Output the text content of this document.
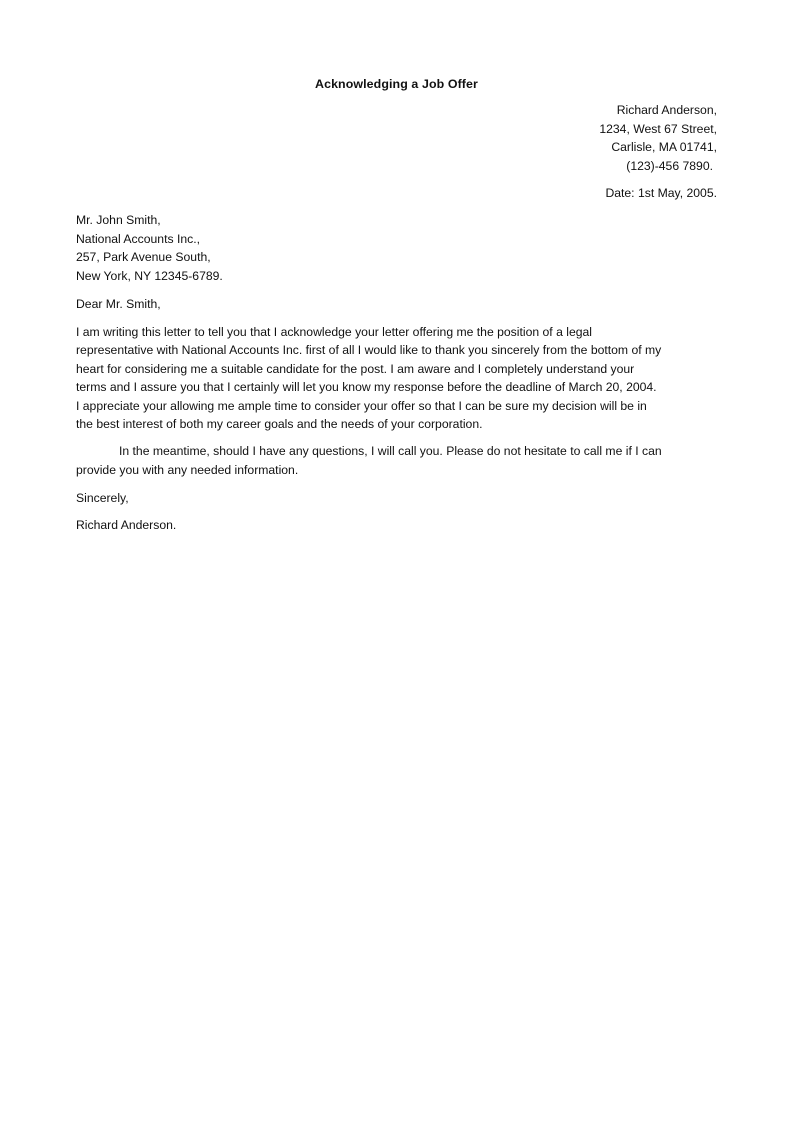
Acknowledging a Job Offer
Richard Anderson,
1234, West 67 Street,
Carlisle, MA 01741,
(123)-456 7890.
Date: 1st May, 2005.
Mr. John Smith,
National Accounts Inc.,
257, Park Avenue South,
New York, NY 12345-6789.
Dear Mr. Smith,
I am writing this letter to tell you that I acknowledge your letter offering me the position of a legal
representative with National Accounts Inc. first of all I would like to thank you sincerely from the bottom of my
heart for considering me a suitable candidate for the post. I am aware and I completely understand your
terms and I assure you that I certainly will let you know my response before the deadline of March 20, 2004.
I appreciate your allowing me ample time to consider your offer so that I can be sure my decision will be in
the best interest of both my career goals and the needs of your corporation.
In the meantime, should I have any questions, I will call you. Please do not hesitate to call me if I can
provide you with any needed information.
Sincerely,
Richard Anderson.
